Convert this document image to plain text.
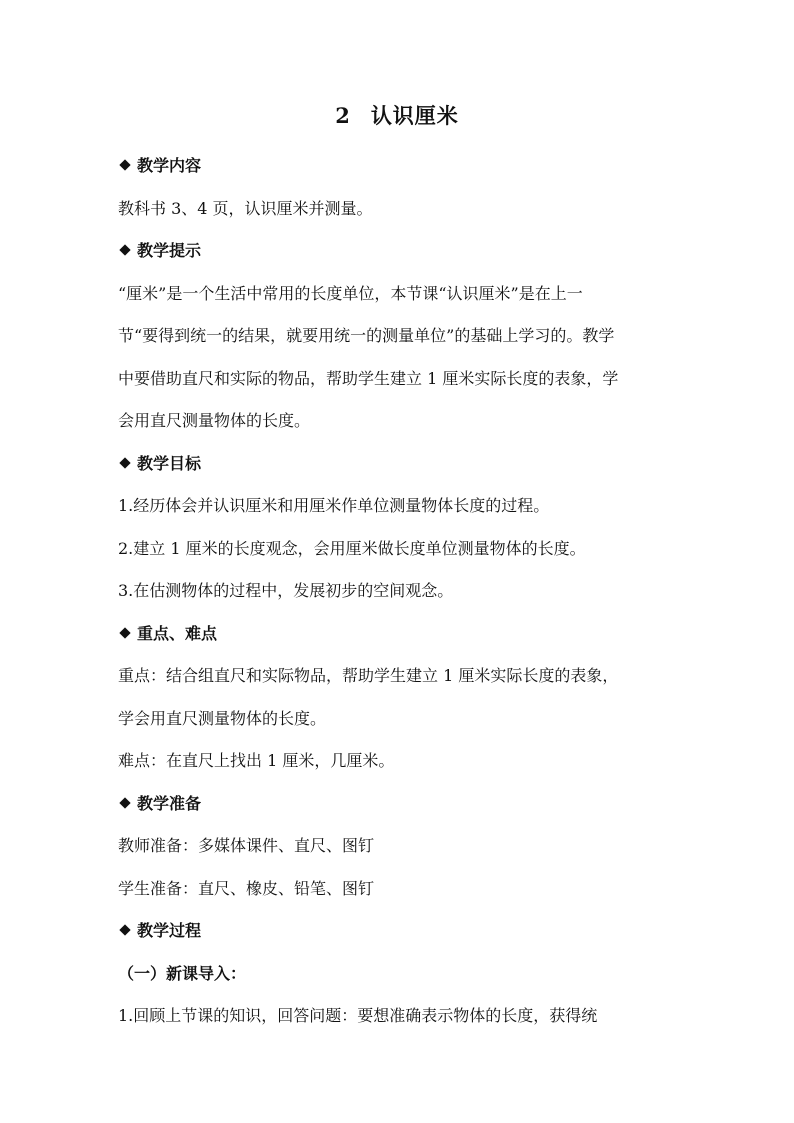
2 认识厘米
教学内容
教科书 3、4 页，认识厘米并测量。
教学提示
“厘米”是一个生活中常用的长度单位，本节课“认识厘米”是在上一
节“要得到统一的结果，就要用统一的测量单位”的基础上学习的。教学
中要借助直尺和实际的物品，帮助学生建立 1 厘米实际长度的表象，学
会用直尺测量物体的长度。
教学目标
1.经历体会并认识厘米和用厘米作单位测量物体长度的过程。
2.建立 1 厘米的长度观念，会用厘米做长度单位测量物体的长度。
3.在估测物体的过程中，发展初步的空间观念。
重点、难点
重点：结合组直尺和实际物品，帮助学生建立 1 厘米实际长度的表象，
学会用直尺测量物体的长度。
难点：在直尺上找出 1 厘米，几厘米。
教学准备
教师准备：多媒体课件、直尺、图钉
学生准备：直尺、橡皮、铅笔、图钉
教学过程
（一）新课导入：
1.回顾上节课的知识，回答问题：要想准确表示物体的长度，获得统
